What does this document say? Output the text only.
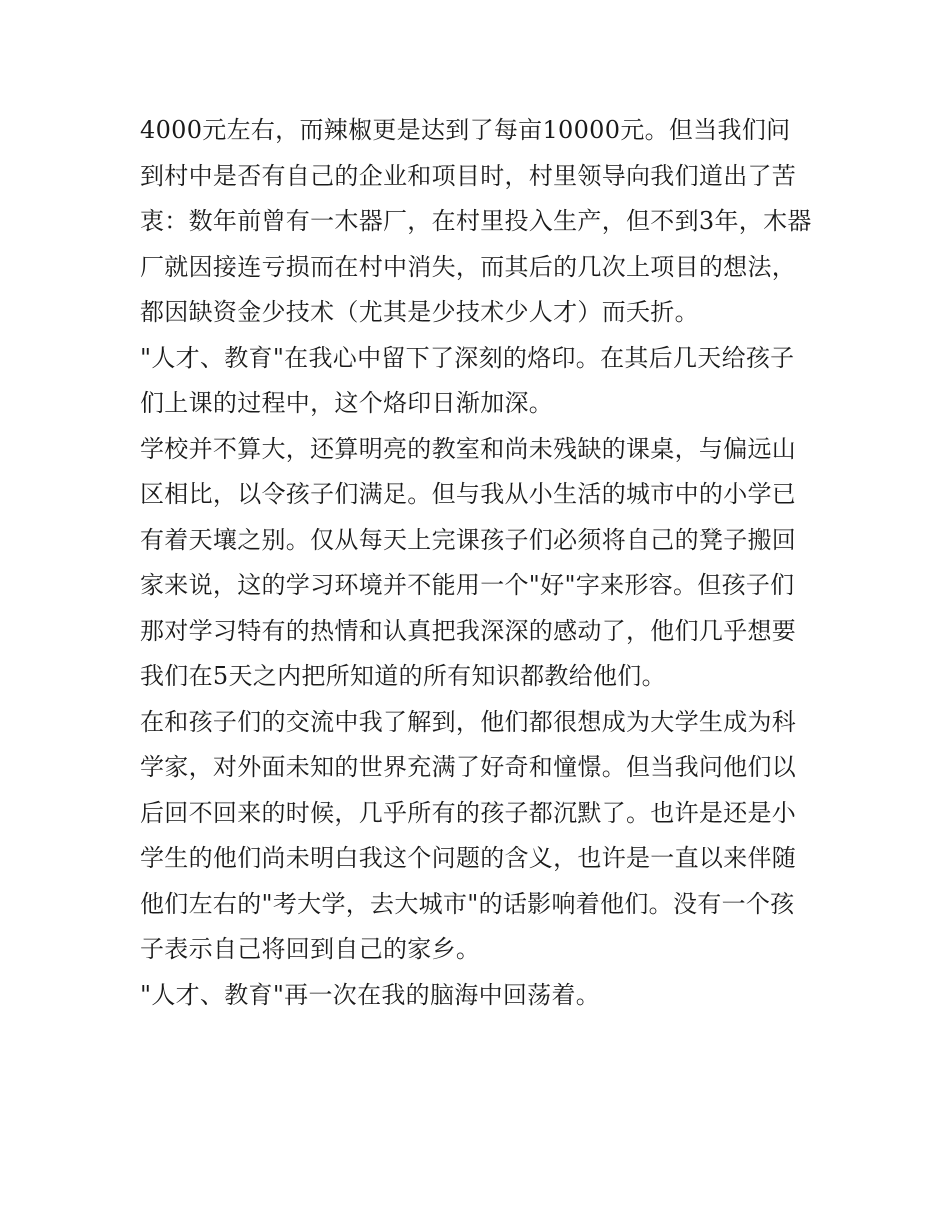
4000元左右，而辣椒更是达到了每亩10000元。但当我们问到村中是否有自己的企业和项目时，村里领导向我们道出了苦衷：数年前曾有一木器厂，在村里投入生产，但不到3年，木器厂就因接连亏损而在村中消失，而其后的几次上项目的想法，都因缺资金少技术（尤其是少技术少人才）而夭折。

"人才、教育"在我心中留下了深刻的烙印。在其后几天给孩子们上课的过程中，这个烙印日渐加深。

学校并不算大，还算明亮的教室和尚未残缺的课桌，与偏远山区相比，以令孩子们满足。但与我从小生活的城市中的小学已有着天壤之别。仅从每天上完课孩子们必须将自己的凳子搬回家来说，这的学习环境并不能用一个"好"字来形容。但孩子们那对学习特有的热情和认真把我深深的感动了，他们几乎想要我们在5天之内把所知道的所有知识都教给他们。

在和孩子们的交流中我了解到，他们都很想成为大学生成为科学家，对外面未知的世界充满了好奇和憧憬。但当我问他们以后回不回来的时候，几乎所有的孩子都沉默了。也许是还是小学生的他们尚未明白我这个问题的含义，也许是一直以来伴随他们左右的"考大学，去大城市"的话影响着他们。没有一个孩子表示自己将回到自己的家乡。

"人才、教育"再一次在我的脑海中回荡着。
